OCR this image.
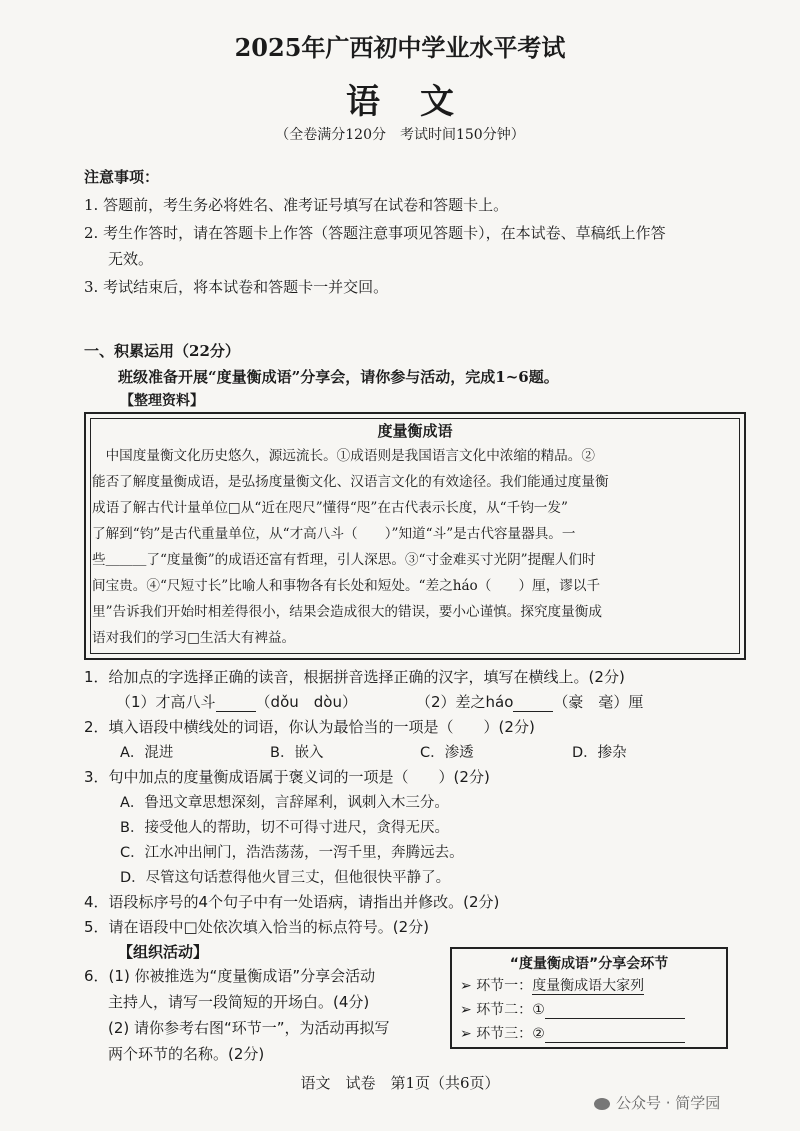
2025年广西初中学业水平考试
语文
（全卷满分120分　考试时间150分钟）
注意事项：
1. 答题前，考生务必将姓名、准考证号填写在试卷和答题卡上。
2. 考生作答时，请在答题卡上作答（答题注意事项见答题卡），在本试卷、草稿纸上作答
无效。
3. 考试结束后，将本试卷和答题卡一并交回。
一、积累运用（22分）
班级准备开展“度量衡成语”分享会，请你参与活动，完成1~6题。
【整理资料】
度量衡成语
　中国度量衡文化历史悠久，源远流长。①成语则是我国语言文化中浓缩的精品。②
能否了解度量衡成语，是弘扬度量衡文化、汉语言文化的有效途径。我们能通过度量衡
成语了解古代计量单位□从“近在咫尺”懂得“咫”在古代表示长度，从“千钧一发”
了解到“钧”是古代重量单位，从“才高八斗（　　）”知道“斗”是古代容量器具。一
些＿＿＿了“度量衡”的成语还富有哲理，引人深思。③“寸金难买寸光阴”提醒人们时
间宝贵。④“尺短寸长”比喻人和事物各有长处和短处。“差之háo（　　）厘，谬以千
里”告诉我们开始时相差得很小，结果会造成很大的错误，要小心谨慎。探究度量衡成
语对我们的学习□生活大有裨益。
1．给加点的字选择正确的读音，根据拼音选择正确的汉字，填写在横线上。(2分)
（1）才高八斗	（dǒu　dòu）	（2）差之háo	（豪　毫）厘
2．填入语段中横线处的词语，你认为最恰当的一项是（　　）(2分)
A．混进	B．嵌入	C．渗透	D．掺杂
3．句中加点的度量衡成语属于褒义词的一项是（　　）(2分)
A．鲁迅文章思想深刻，言辞犀利，讽刺入木三分。
B．接受他人的帮助，切不可得寸进尺，贪得无厌。
C．江水冲出闸门，浩浩荡荡，一泻千里，奔腾远去。
D．尽管这句话惹得他火冒三丈，但他很快平静了。
4．语段标序号的4个句子中有一处语病，请指出并修改。(2分)
5．请在语段中□处依次填入恰当的标点符号。(2分)
【组织活动】
6．(1) 你被推选为“度量衡成语”分享会活动
主持人，请写一段简短的开场白。(4分)
(2) 请你参考右图“环节一”，为活动再拟写
两个环节的名称。(2分)
“度量衡成语”分享会环节
➢ 环节一：度量衡成语大家列
➢ 环节二：①
➢ 环节三：②
语文　试卷　第1页（共6页）
公众号 · 简学园
